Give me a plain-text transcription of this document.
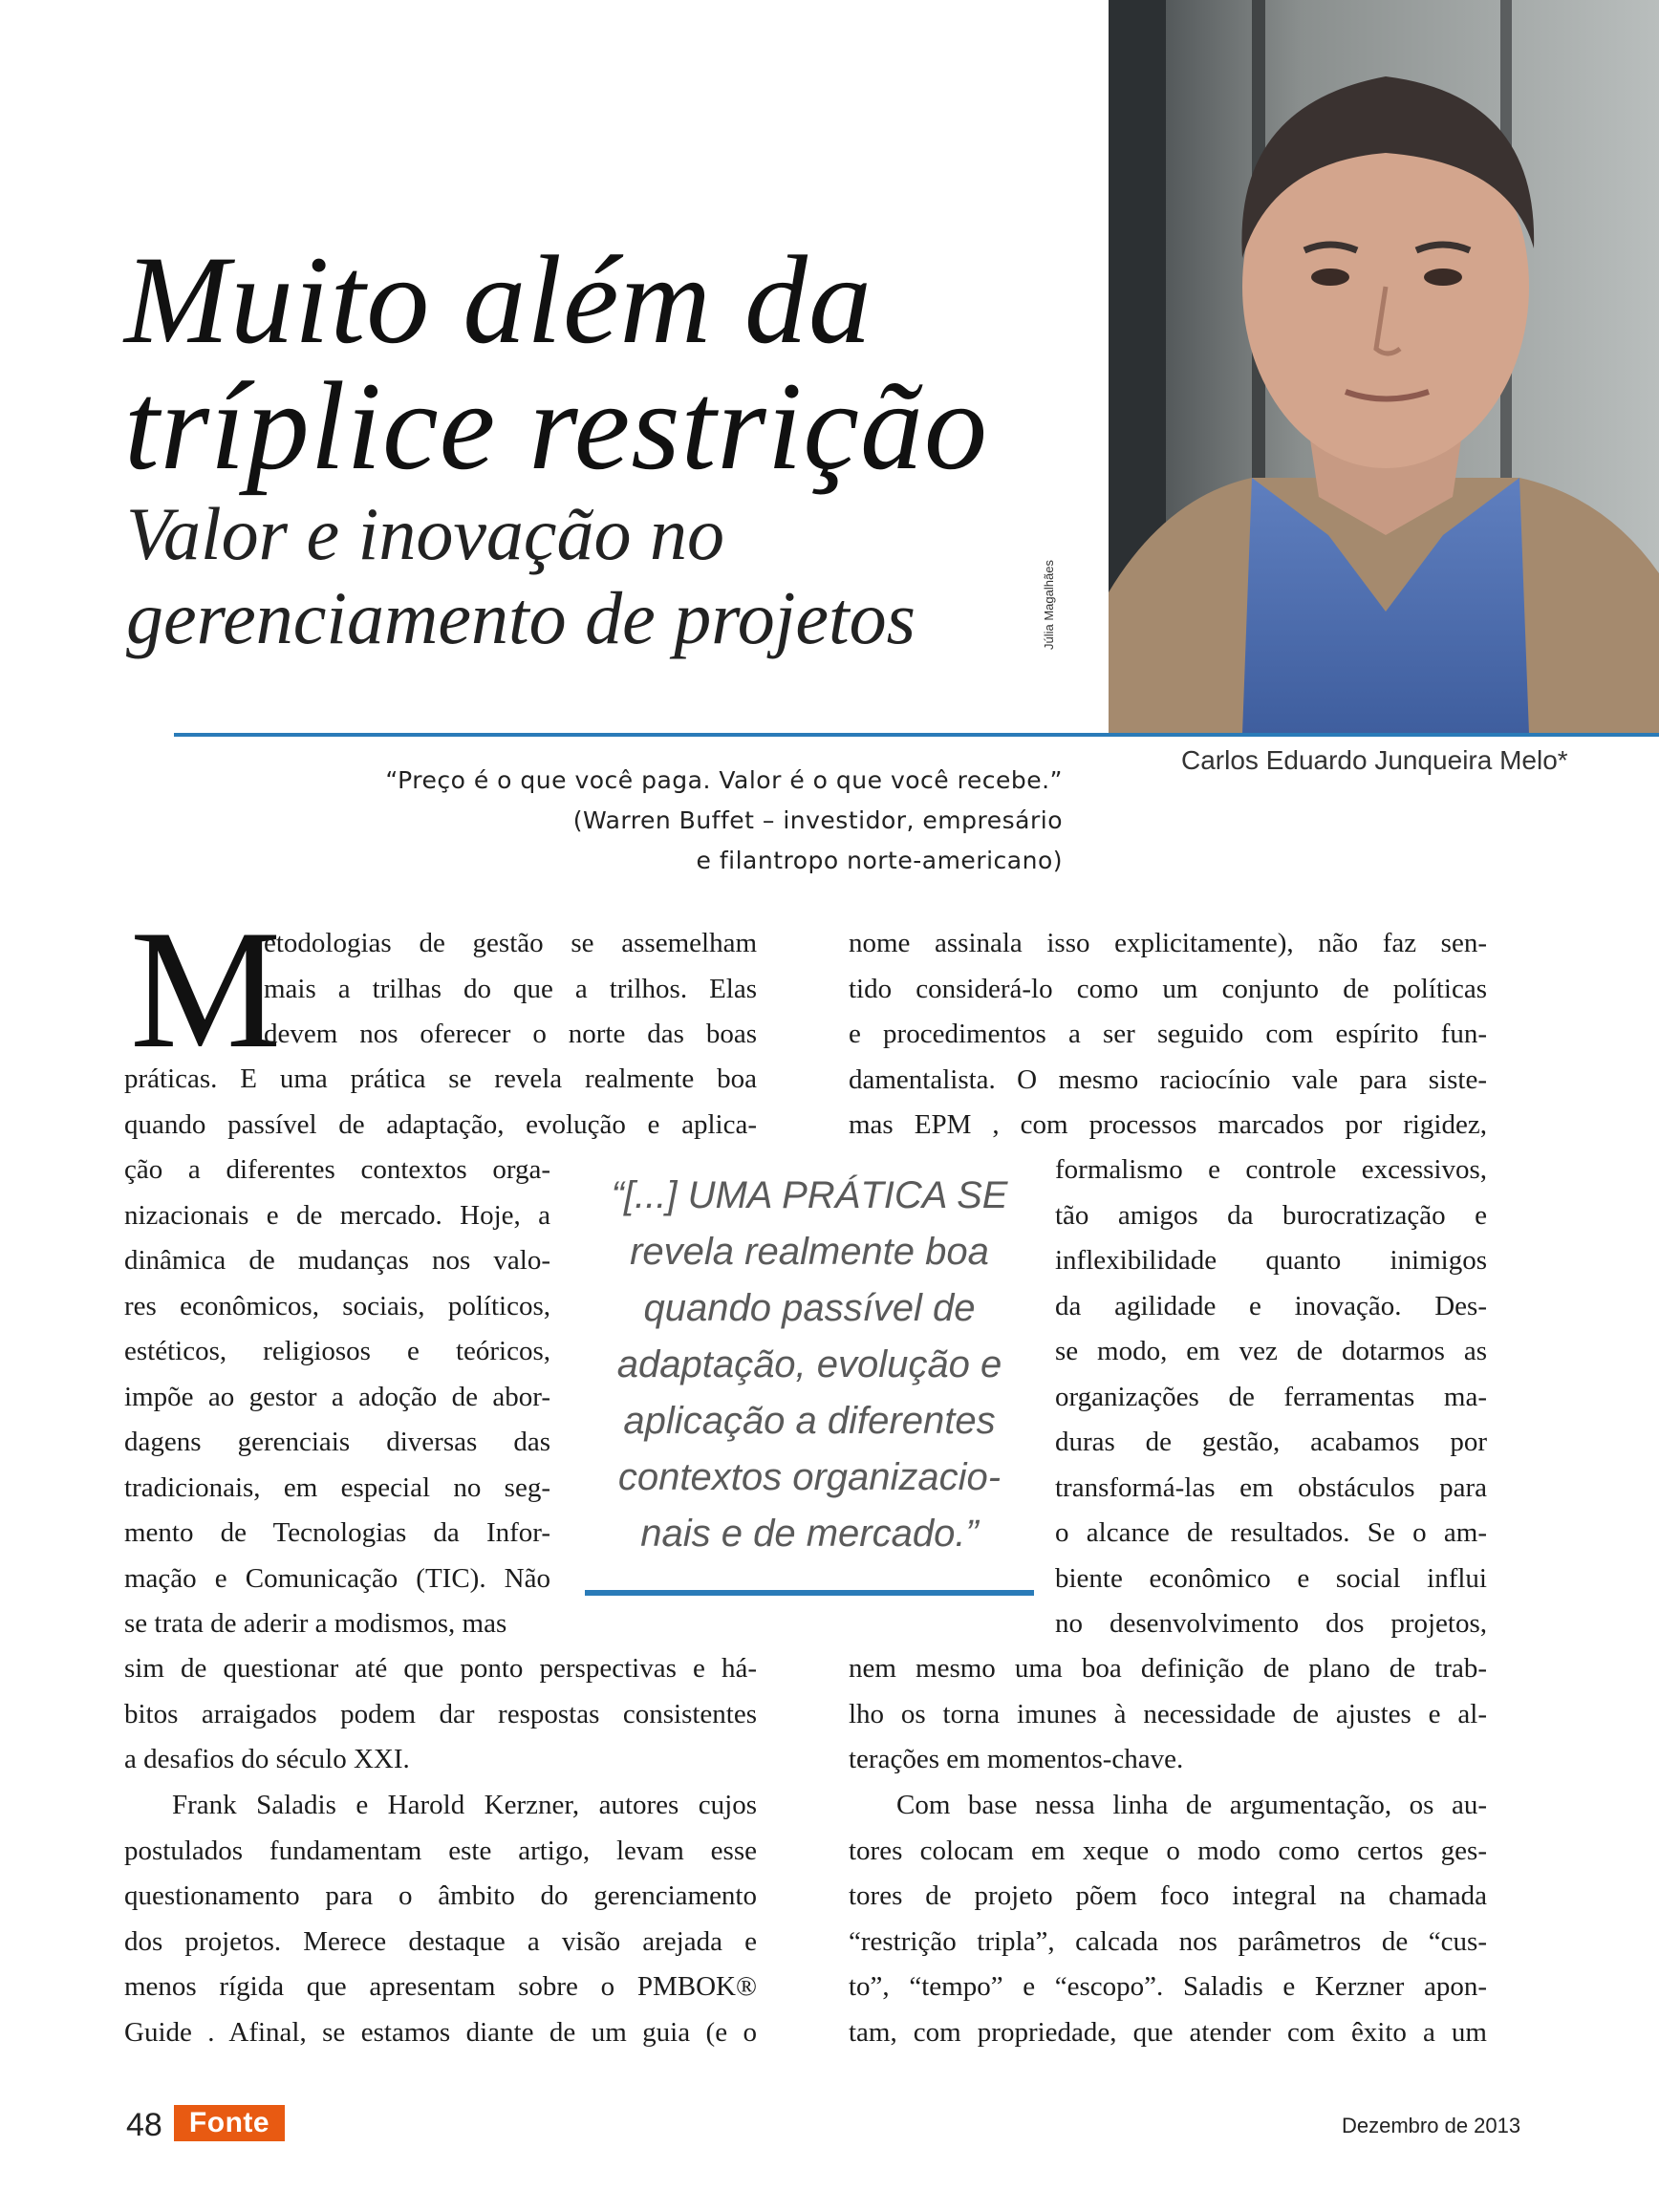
Muito além da
tríplice restrição
Valor e inovação no
gerenciamento de projetos	Júlia Magalhães
Carlos Eduardo Junqueira Melo*
“Preço é o que você paga. Valor é o que você recebe.”
(Warren Buffet – investidor, empresário
e filantropo norte-americano)
M
etodologias de gestão se assemelham
mais a trilhas do que a trilhos. Elas
devem nos oferecer o norte das boas
práticas. E uma prática se revela realmente boa
quando passível de adaptação, evolução e aplica-
ção a diferentes contextos orga-
nizacionais e de mercado. Hoje, a
dinâmica de mudanças nos valo-
res econômicos, sociais, políticos,
estéticos, religiosos e teóricos,
impõe ao gestor a adoção de abor-
dagens gerenciais diversas das
tradicionais, em especial no seg-
mento de Tecnologias da Infor-
mação e Comunicação (TIC). Não
se trata de aderir a modismos, mas
sim de questionar até que ponto perspectivas e há-
bitos arraigados podem dar respostas consistentes
a desafios do século XXI.
Frank Saladis e Harold Kerzner, autores cujos
postulados fundamentam este artigo, levam esse
questionamento para o âmbito do gerenciamento
dos projetos. Merece destaque a visão arejada e
menos rígida que apresentam sobre o PMBOK®
Guide . Afinal, se estamos diante de um guia (e o
nome assinala isso explicitamente), não faz sen-
tido considerá-lo como um conjunto de políticas
e procedimentos a ser seguido com espírito fun-
damentalista. O mesmo raciocínio vale para siste-
mas EPM , com processos marcados por rigidez,
formalismo e controle excessivos,
tão amigos da burocratização e
inflexibilidade quanto inimigos
da agilidade e inovação. Des-
se modo, em vez de dotarmos as
organizações de ferramentas ma-
duras de gestão, acabamos por
transformá-las em obstáculos para
o alcance de resultados. Se o am-
biente econômico e social influi
no desenvolvimento dos projetos,
nem mesmo uma boa definição de plano de trab-
lho os torna imunes à necessidade de ajustes e al-
terações em momentos-chave.
Com base nessa linha de argumentação, os au-
tores colocam em xeque o modo como certos ges-
tores de projeto põem foco integral na chamada
“restrição tripla”, calcada nos parâmetros de “cus-
to”, “tempo” e “escopo”. Saladis e Kerzner apon-
tam, com propriedade, que atender com êxito a um
“[...] UMA PRÁTICA SE
revela realmente boa
quando passível de
adaptação, evolução e
aplicação a diferentes
contextos organizacio-
nais e de mercado.”
48 Fonte	Dezembro de 2013
